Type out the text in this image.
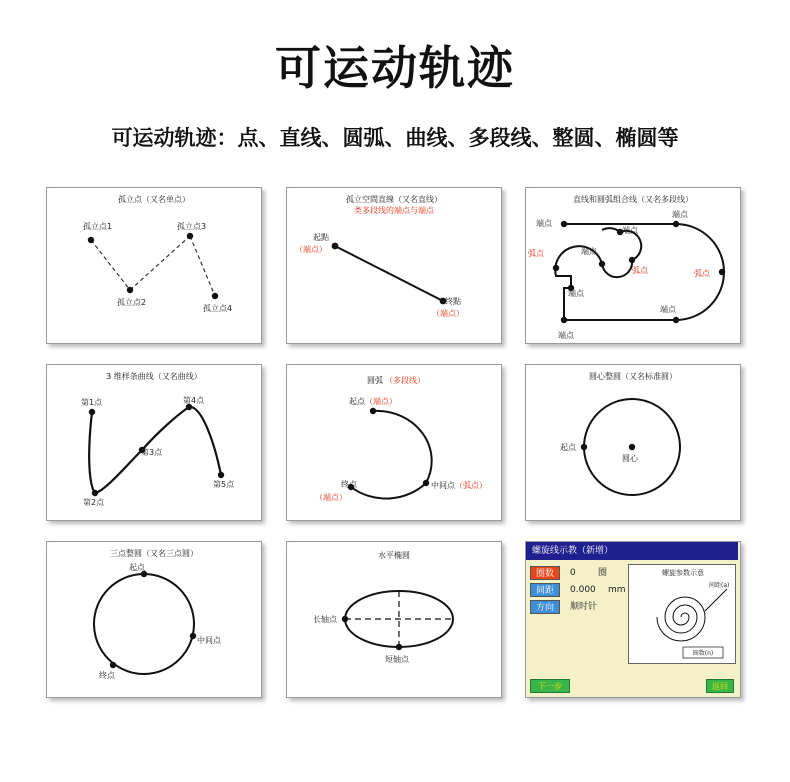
可运动轨迹
可运动轨迹：点、直线、圆弧、曲线、多段线、整圆、椭圆等
孤立点（又名单点）
孤立点1
孤立点2
孤立点3
孤立点4
孤立空間直線（又名直线）
类多段线的端点与端点
起點
（端点）
终點
（端点）
直线和圆弧组合线（又名多段线）
端点
端点
端点
端点
端点
端点
弧点
弧点	弧点
端点
3 维样条曲线（又名曲线）
第1点
第2点
第3点
第4点
第5点
圆弧 （多段线）
起点 （端点）
中间点 （弧点）
终点
（端点）
圆心整圆（又名标准圆）
起点
圆心
三点整圆（又名三点圆）
起点
中间点
终点
水平椭圆
长轴点
短轴点
螺旋线示教（新增）
圈数	0 圈
间距	0.000 mm
方向	顺时针
螺旋参数示意
间距(a)
圈数(n)
下一步	返回
